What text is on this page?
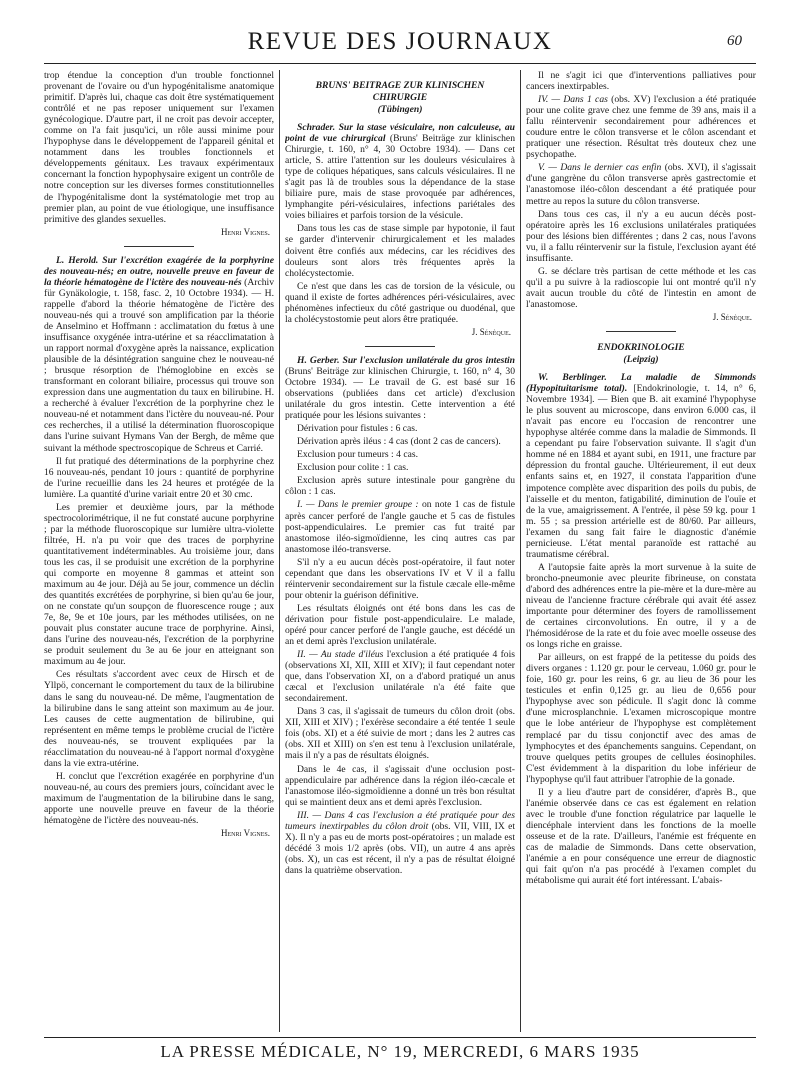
REVUE DES JOURNAUX	60

trop étendue la conception d'un trouble fonctionnel provenant de l'ovaire ou d'un hypogénitalisme anatomique primitif. D'après lui, chaque cas doit être systématiquement contrôlé et ne pas reposer uniquement sur l'examen gynécologique. D'autre part, il ne croit pas devoir accepter, comme on l'a fait jusqu'ici, un rôle aussi minime pour l'hypophyse dans le développement de l'appareil génital et notamment dans les troubles fonctionnels et développements génitaux. Les travaux expérimentaux concernant la fonction hypophysaire exigent un contrôle de notre conception sur les diverses formes constitutionnelles de l'hypogénitalisme dont la systématologie met trop au premier plan, au point de vue étiologique, une insuffisance primitive des glandes sexuelles.

Henri Vignes.

L. Herold. Sur l'excrétion exagérée de la porphyrine des nouveau-nés; en outre, nouvelle preuve en faveur de la théorie hématogène de l'ictère des nouveau-nés (Archiv für Gynäkologie, t. 158, fasc. 2, 10 Octobre 1934). — H. rappelle d'abord la théorie hématogène de l'ictère des nouveau-nés qui a trouvé son amplification par la théorie de Anselmino et Hoffmann : acclimatation du fœtus à une insuffisance oxygénée intra-utérine et sa réacclimatation à un rapport normal d'oxygène après la naissance, explication plausible de la désintégration sanguine chez le nouveau-né ; brusque résorption de l'hémoglobine en excès se transformant en colorant biliaire, processus qui trouve son expression dans une augmentation du taux en bilirubine. H. a recherché à évaluer l'excrétion de la porphyrine chez le nouveau-né et notamment dans l'ictère du nouveau-né. Pour ces recherches, il a utilisé la détermination fluoroscopique dans l'urine suivant Hymans Van der Bergh, de même que suivant la méthode spectroscopique de Schreus et Carrié.

Il fut pratiqué des déterminations de la porphyrine chez 16 nouveau-nés, pendant 10 jours : quantité de porphyrine de l'urine recueillie dans les 24 heures et protégée de la lumière. La quantité d'urine variait entre 20 et 30 cmc.

Les premier et deuxième jours, par la méthode spectrocolorimétrique, il ne fut constaté aucune porphyrine ; par la méthode fluoroscopique sur lumière ultra-violette filtrée, H. n'a pu voir que des traces de porphyrine quantitativement indéterminables. Au troisième jour, dans tous les cas, il se produisit une excrétion de la porphyrine qui comporte en moyenne 8 gammas et atteint son maximum au 4e jour. Déjà au 5e jour, commence un déclin des quantités excrétées de porphyrine, si bien qu'au 6e jour, on ne constate qu'un soupçon de fluorescence rouge ; aux 7e, 8e, 9e et 10e jours, par les méthodes utilisées, on ne pouvait plus constater aucune trace de porphyrine. Ainsi, dans l'urine des nouveau-nés, l'excrétion de la porphyrine se produit seulement du 3e au 6e jour en atteignant son maximum au 4e jour.

Ces résultats s'accordent avec ceux de Hirsch et de Yllpö, concernant le comportement du taux de la bilirubine dans le sang du nouveau-né. De même, l'augmentation de la bilirubine dans le sang atteint son maximum au 4e jour. Les causes de cette augmentation de bilirubine, qui représentent en même temps le problème crucial de l'ictère des nouveau-nés, se trouvent expliquées par la réacclimatation du nouveau-né à l'apport normal d'oxygène dans la vie extra-utérine.

H. conclut que l'excrétion exagérée en porphyrine d'un nouveau-né, au cours des premiers jours, coïncidant avec le maximum de l'augmentation de la bilirubine dans le sang, apporte une nouvelle preuve en faveur de la théorie hématogène de l'ictère des nouveau-nés.

Henri Vignes.

BRUNS' BEITRAGE ZUR KLINISCHEN
CHIRURGIE
(Tübingen)

Schrader. Sur la stase vésiculaire, non calculeuse, au point de vue chirurgical (Bruns' Beiträge zur klinischen Chirurgie, t. 160, n° 4, 30 Octobre 1934). — Dans cet article, S. attire l'attention sur les douleurs vésiculaires à type de coliques hépatiques, sans calculs vésiculaires. Il ne s'agit pas là de troubles sous la dépendance de la stase biliaire pure, mais de stase provoquée par adhérences, lymphangite péri-vésiculaires, infections pariétales des voies biliaires et parfois torsion de la vésicule.

Dans tous les cas de stase simple par hypotonie, il faut se garder d'intervenir chirurgicalement et les malades doivent être confiés aux médecins, car les récidives des douleurs sont alors très fréquentes après la cholécystectomie.

Ce n'est que dans les cas de torsion de la vésicule, ou quand il existe de fortes adhérences péri-vésiculaires, avec phénomènes infectieux du côté gastrique ou duodénal, que la cholécystostomie peut alors être pratiquée.

J. Sénèque.

H. Gerber. Sur l'exclusion unilatérale du gros intestin (Bruns' Beiträge zur klinischen Chirurgie, t. 160, n° 4, 30 Octobre 1934). — Le travail de G. est basé sur 16 observations (publiées dans cet article) d'exclusion unilatérale du gros intestin. Cette intervention a été pratiquée pour les lésions suivantes :

Dérivation pour fistules : 6 cas.

Dérivation après iléus : 4 cas (dont 2 cas de cancers).

Exclusion pour tumeurs : 4 cas.

Exclusion pour colite : 1 cas.

Exclusion après suture intestinale pour gangrène du côlon : 1 cas.

I. — Dans le premier groupe : on note 1 cas de fistule après cancer perforé de l'angle gauche et 5 cas de fistules post-appendiculaires. Le premier cas fut traité par anastomose iléo-sigmoïdienne, les cinq autres cas par anastomose iléo-transverse.

S'il n'y a eu aucun décès post-opératoire, il faut noter cependant que dans les observations IV et V il a fallu réintervenir secondairement sur la fistule cæcale elle-même pour obtenir la guérison définitive.

Les résultats éloignés ont été bons dans les cas de dérivation pour fistule post-appendiculaire. Le malade, opéré pour cancer perforé de l'angle gauche, est décédé un an et demi après l'exclusion unilatérale.

II. — Au stade d'iléus l'exclusion a été pratiquée 4 fois (observations XI, XII, XIII et XIV); il faut cependant noter que, dans l'observation XI, on a d'abord pratiqué un anus cæcal et l'exclusion unilatérale n'a été faite que secondairement.

Dans 3 cas, il s'agissait de tumeurs du côlon droit (obs. XII, XIII et XIV) ; l'exérèse secondaire a été tentée 1 seule fois (obs. XI) et a été suivie de mort ; dans les 2 autres cas (obs. XII et XIII) on s'en est tenu à l'exclusion unilatérale, mais il n'y a pas de résultats éloignés.

Dans le 4e cas, il s'agissait d'une occlusion post-appendiculaire par adhérence dans la région iléo-cæcale et l'anastomose iléo-sigmoïdienne a donné un très bon résultat qui se maintient deux ans et demi après l'exclusion.

III. — Dans 4 cas l'exclusion a été pratiquée pour des tumeurs inextirpables du côlon droit (obs. VII, VIII, IX et X). Il n'y a pas eu de morts post-opératoires ; un malade est décédé 3 mois 1/2 après (obs. VII), un autre 4 ans après (obs. X), un cas est récent, il n'y a pas de résultat éloigné dans la quatrième observation.

Il ne s'agit ici que d'interventions palliatives pour cancers inextirpables.

IV. — Dans 1 cas (obs. XV) l'exclusion a été pratiquée pour une colite grave chez une femme de 39 ans, mais il a fallu réintervenir secondairement pour adhérences et coudure entre le côlon transverse et le côlon ascendant et pratiquer une résection. Résultat très douteux chez une psychopathe.

V. — Dans le dernier cas enfin (obs. XVI), il s'agissait d'une gangrène du côlon transverse après gastrectomie et l'anastomose iléo-côlon descendant a été pratiquée pour mettre au repos la suture du côlon transverse.

Dans tous ces cas, il n'y a eu aucun décès post-opératoire après les 16 exclusions unilatérales pratiquées pour des lésions bien différentes ; dans 2 cas, nous l'avons vu, il a fallu réintervenir sur la fistule, l'exclusion ayant été insuffisante.

G. se déclare très partisan de cette méthode et les cas qu'il a pu suivre à la radioscopie lui ont montré qu'il n'y avait aucun trouble du côté de l'intestin en amont de l'anastomose.

J. Sénèque.

ENDOKRINOLOGIE
(Leipzig)

W. Berblinger. La maladie de Simmonds (Hypopituitarisme total). [Endokrinologie, t. 14, n° 6, Novembre 1934]. — Bien que B. ait examiné l'hypophyse le plus souvent au microscope, dans environ 6.000 cas, il n'avait pas encore eu l'occasion de rencontrer une hypophyse altérée comme dans la maladie de Simmonds. Il a cependant pu faire l'observation suivante. Il s'agit d'un homme né en 1884 et ayant subi, en 1911, une fracture par dépression du frontal gauche. Ultérieurement, il eut deux enfants sains et, en 1927, il constata l'apparition d'une impotence complète avec disparition des poils du pubis, de l'aisselle et du menton, fatigabilité, diminution de l'ouïe et de la vue, amaigrissement. A l'entrée, il pèse 59 kg. pour 1 m. 55 ; sa pression artérielle est de 80/60. Par ailleurs, l'examen du sang fait faire le diagnostic d'anémie pernicieuse. L'état mental paranoïde est rattaché au traumatisme cérébral.

A l'autopsie faite après la mort survenue à la suite de broncho-pneumonie avec pleurite fibrineuse, on constata d'abord des adhérences entre la pie-mère et la dure-mère au niveau de l'ancienne fracture cérébrale qui avait été assez importante pour déterminer des foyers de ramollissement de certaines circonvolutions. En outre, il y a de l'hémosidérose de la rate et du foie avec moelle osseuse des os longs riche en graisse.

Par ailleurs, on est frappé de la petitesse du poids des divers organes : 1.120 gr. pour le cerveau, 1.060 gr. pour le foie, 160 gr. pour les reins, 6 gr. au lieu de 36 pour les testicules et enfin 0,125 gr. au lieu de 0,656 pour l'hypophyse avec son pédicule. Il s'agit donc là comme d'une microsplanchnie. L'examen microscopique montre que le lobe antérieur de l'hypophyse est complètement remplacé par du tissu conjonctif avec des amas de lymphocytes et des épanchements sanguins. Cependant, on trouve quelques petits groupes de cellules éosinophiles. C'est évidemment à la disparition du lobe inférieur de l'hypophyse qu'il faut attribuer l'atrophie de la gonade.

Il y a lieu d'autre part de considérer, d'après B., que l'anémie observée dans ce cas est également en relation avec le trouble d'une fonction régulatrice par laquelle le diencéphale intervient dans les fonctions de la moelle osseuse et de la rate. D'ailleurs, l'anémie est fréquente en cas de maladie de Simmonds. Dans cette observation, l'anémie a en pour conséquence une erreur de diagnostic qui fait qu'on n'a pas procédé à l'examen complet du métabolisme qui aurait été fort intéressant. L'abais-

LA PRESSE MÉDICALE, N° 19, MERCREDI, 6 MARS 1935
